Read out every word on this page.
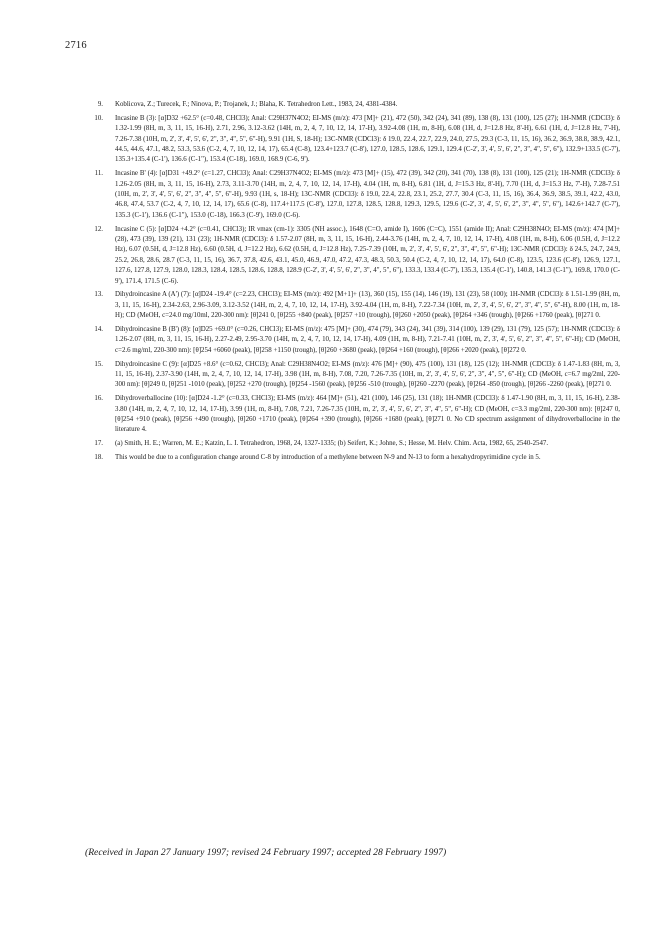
2716
9.	Koblicova, Z.; Turecek, F.; Ninova, P.; Trojanek, J.; Blaha, K. Tetrahedron Lett., 1983, 24, 4381-4384.
10.	Incasine B (3): [α]D32 +62.5° (c=0.48, CHCl3); Anal: C29H37N4O2; EI-MS (m/z): 473 [M]+ (21), 472 (50), 342 (24), 341 (89), 138 (8), 131 (100), 125 (27); 1H-NMR (CDCl3): δ 1.32-1.99 (8H, m, 3, 11, 15, 16-H), 2.71, 2.96, 3.12-3.62 (14H, m, 2, 4, 7, 10, 12, 14, 17-H), 3.92-4.08 (1H, m, 8-H), 6.08 (1H, d, J=12.8 Hz, 8'-H), 6.61 (1H, d, J=12.8 Hz, 7'-H), 7.26-7.38 (10H, m, 2', 3', 4', 5', 6', 2", 3", 4", 5", 6"-H), 9.91 (1H, S, 18-H); 13C-NMR (CDCl3): δ 19.0, 22.4, 22.7, 22.9, 24.0, 27.5, 29.3 (C-3, 11, 15, 16), 36.2, 36.9, 38.8, 38.9, 42.1, 44.5, 44.6, 47.1, 48.2, 53.3, 53.6 (C-2, 4, 7, 10, 12, 14, 17), 65.4 (C-8), 123.4+123.7 (C-8'), 127.0, 128.5, 128.6, 129.1, 129.4 (C-2', 3', 4', 5', 6', 2", 3", 4", 5", 6"), 132.9+133.5 (C-7'), 135.3+135.4 (C-1'), 136.6 (C-1"), 153.4 (C-18), 169.0, 168.9 (C-6, 9').
11.	Incasine B' (4): [α]D31 +49.2° (c=1.27, CHCl3); Anal: C29H37N4O2; EI-MS (m/z): 473 [M]+ (15), 472 (39), 342 (20), 341 (70), 138 (8), 131 (100), 125 (21); 1H-NMR (CDCl3): δ 1.26-2.05 (8H, m, 3, 11, 15, 16-H), 2.73, 3.11-3.70 (14H, m, 2, 4, 7, 10, 12, 14, 17-H), 4.04 (1H, m, 8-H), 6.81 (1H, d, J=15.3 Hz, 8'-H), 7.70 (1H, d, J=15.3 Hz, 7'-H), 7.28-7.51 (10H, m, 2', 3', 4', 5', 6', 2", 3", 4", 5", 6"-H), 9.93 (1H, s, 18-H); 13C-NMR (CDCl3): δ 19.0, 22.4, 22.8, 23.1, 25.2, 27.7, 30.4 (C-3, 11, 15, 16), 36.4, 36.9, 38.5, 39.1, 42.2, 43.0, 46.8, 47.4, 53.7 (C-2, 4, 7, 10, 12, 14, 17), 65.6 (C-8), 117.4+117.5 (C-8'), 127.0, 127.8, 128.5, 128.8, 129.3, 129.5, 129.6 (C-2', 3', 4', 5', 6', 2", 3", 4", 5", 6"), 142.6+142.7 (C-7'), 135.3 (C-1'), 136.6 (C-1"), 153.0 (C-18), 166.3 (C-9'), 169.0 (C-6).
12.	Incasine C (5): [α]D24 +4.2° (c=0.41, CHCl3); IR νmax (cm-1): 3305 (NH assoc.), 1648 (C=O, amide I), 1606 (C=C), 1551 (amide II); Anal: C29H38N4O; EI-MS (m/z): 474 [M]+ (28), 473 (39), 139 (21), 131 (23); 1H-NMR (CDCl3): δ 1.57-2.07 (8H, m, 3, 11, 15, 16-H), 2.44-3.76 (14H, m, 2, 4, 7, 10, 12, 14, 17-H), 4.08 (1H, m, 8-H), 6.06 (0.5H, d, J=12.2 Hz), 6.07 (0.5H, d, J=12.8 Hz), 6.60 (0.5H, d, J=12.2 Hz), 6.62 (0.5H, d, J=12.8 Hz), 7.25-7.39 (10H, m, 2', 3', 4', 5', 6', 2", 3", 4", 5", 6"-H); 13C-NMR (CDCl3): δ 24.5, 24.7, 24.9, 25.2, 26.8, 28.6, 28.7 (C-3, 11, 15, 16), 36.7, 37.8, 42.6, 43.1, 45.0, 46.9, 47.0, 47.2, 47.3, 48.3, 50.3, 50.4 (C-2, 4, 7, 10, 12, 14, 17), 64.0 (C-8), 123.5, 123.6 (C-8'), 126.9, 127.1, 127.6, 127.8, 127.9, 128.0, 128.3, 128.4, 128.5, 128.6, 128.8, 128.9 (C-2', 3', 4', 5', 6', 2", 3", 4", 5", 6"), 133.3, 133.4 (C-7'), 135.3, 135.4 (C-1'), 140.8, 141.3 (C-1"), 169.8, 170.0 (C-9'), 171.4, 171.5 (C-6).
13.	Dihydroincasine A (A') (7): [α]D24 -19.4° (c=2.23, CHCl3); EI-MS (m/z): 492 [M+1]+ (13), 360 (15), 155 (14), 146 (19), 131 (23), 58 (100); 1H-NMR (CDCl3): δ 1.51-1.99 (8H, m, 3, 11, 15, 16-H), 2.34-2.63, 2.96-3.09, 3.12-3.52 (14H, m, 2, 4, 7, 10, 12, 14, 17-H), 3.92-4.04 (1H, m, 8-H), 7.22-7.34 (10H, m, 2', 3', 4', 5', 6', 2", 3", 4", 5", 6"-H), 8.00 (1H, m, 18-H); CD (MeOH, c=24.0 mg/10ml, 220-300 nm): [θ]241 0, [θ]255 +840 (peak), [θ]257 +10 (trough), [θ]260 +2050 (peak), [θ]264 +346 (trough), [θ]266 +1760 (peak), [θ]271 0.
14.	Dihydroincasine B (B') (8): [α]D25 +69.0° (c=0.26, CHCl3); EI-MS (m/z): 475 [M]+ (30), 474 (79), 343 (24), 341 (39), 314 (100), 139 (29), 131 (79), 125 (57); 1H-NMR (CDCl3): δ 1.26-2.07 (8H, m, 3, 11, 15, 16-H), 2.27-2.49, 2.95-3.70 (14H, m, 2, 4, 7, 10, 12, 14, 17-H), 4.09 (1H, m, 8-H), 7.21-7.41 (10H, m, 2', 3', 4', 5', 6', 2", 3", 4", 5", 6"-H); CD (MeOH, c=2.6 mg/ml, 220-300 nm): [θ]254 +6060 (peak), [θ]258 +1150 (trough), [θ]260 +3680 (peak), [θ]264 +160 (trough), [θ]266 +2020 (peak), [θ]272 0.
15.	Dihydroincasine C (9): [α]D25 +8.6° (c=0.62, CHCl3); Anal: C29H38N4O2; EI-MS (m/z): 476 [M]+ (90), 475 (100), 131 (18), 125 (12); 1H-NMR (CDCl3): δ 1.47-1.83 (8H, m, 3, 11, 15, 16-H), 2.37-3.90 (14H, m, 2, 4, 7, 10, 12, 14, 17-H), 3.98 (1H, m, 8-H), 7.08, 7.20, 7.26-7.35 (10H, m, 2', 3', 4', 5', 6', 2", 3", 4", 5", 6"-H); CD (MeOH, c=6.7 mg/2ml, 220-300 nm): [θ]249 0, [θ]251 -1010 (peak), [θ]252 +270 (trough), [θ]254 -1560 (peak), [θ]256 -510 (trough), [θ]260 -2270 (peak), [θ]264 -850 (trough), [θ]266 -2260 (peak), [θ]271 0.
16.	Dihydroverballocine (10): [α]D24 -1.2° (c=0.33, CHCl3); EI-MS (m/z): 464 [M]+ (51), 421 (100), 146 (25), 131 (18); 1H-NMR (CDCl3): δ 1.47-1.90 (8H, m, 3, 11, 15, 16-H), 2.38-3.80 (14H, m, 2, 4, 7, 10, 12, 14, 17-H), 3.99 (1H, m, 8-H), 7.08, 7.21, 7.26-7.35 (10H, m, 2', 3', 4', 5', 6', 2", 3", 4", 5", 6"-H); CD (MeOH, c=3.3 mg/2ml, 220-300 nm): [θ]247 0, [θ]254 +910 (peak), [θ]256 +490 (trough), [θ]260 +1710 (peak), [θ]264 +390 (trough), [θ]266 +1680 (peak), [θ]271 0. No CD spectrum assignment of dihydroverballocine in the literature 4.
17.	(a) Smith, H. E.; Warren, M. E.; Katzin, L. I. Tetrahedron, 1968, 24, 1327-1335; (b) Seifert, K.; Johne, S.; Hesse, M. Helv. Chim. Acta, 1982, 65, 2540-2547.
18.	This would be due to a configuration change around C-8 by introduction of a methylene between N-9 and N-13 to form a hexahydropyrimidine cycle in 5.
(Received in Japan 27 January 1997; revised 24 February 1997; accepted 28 February 1997)
